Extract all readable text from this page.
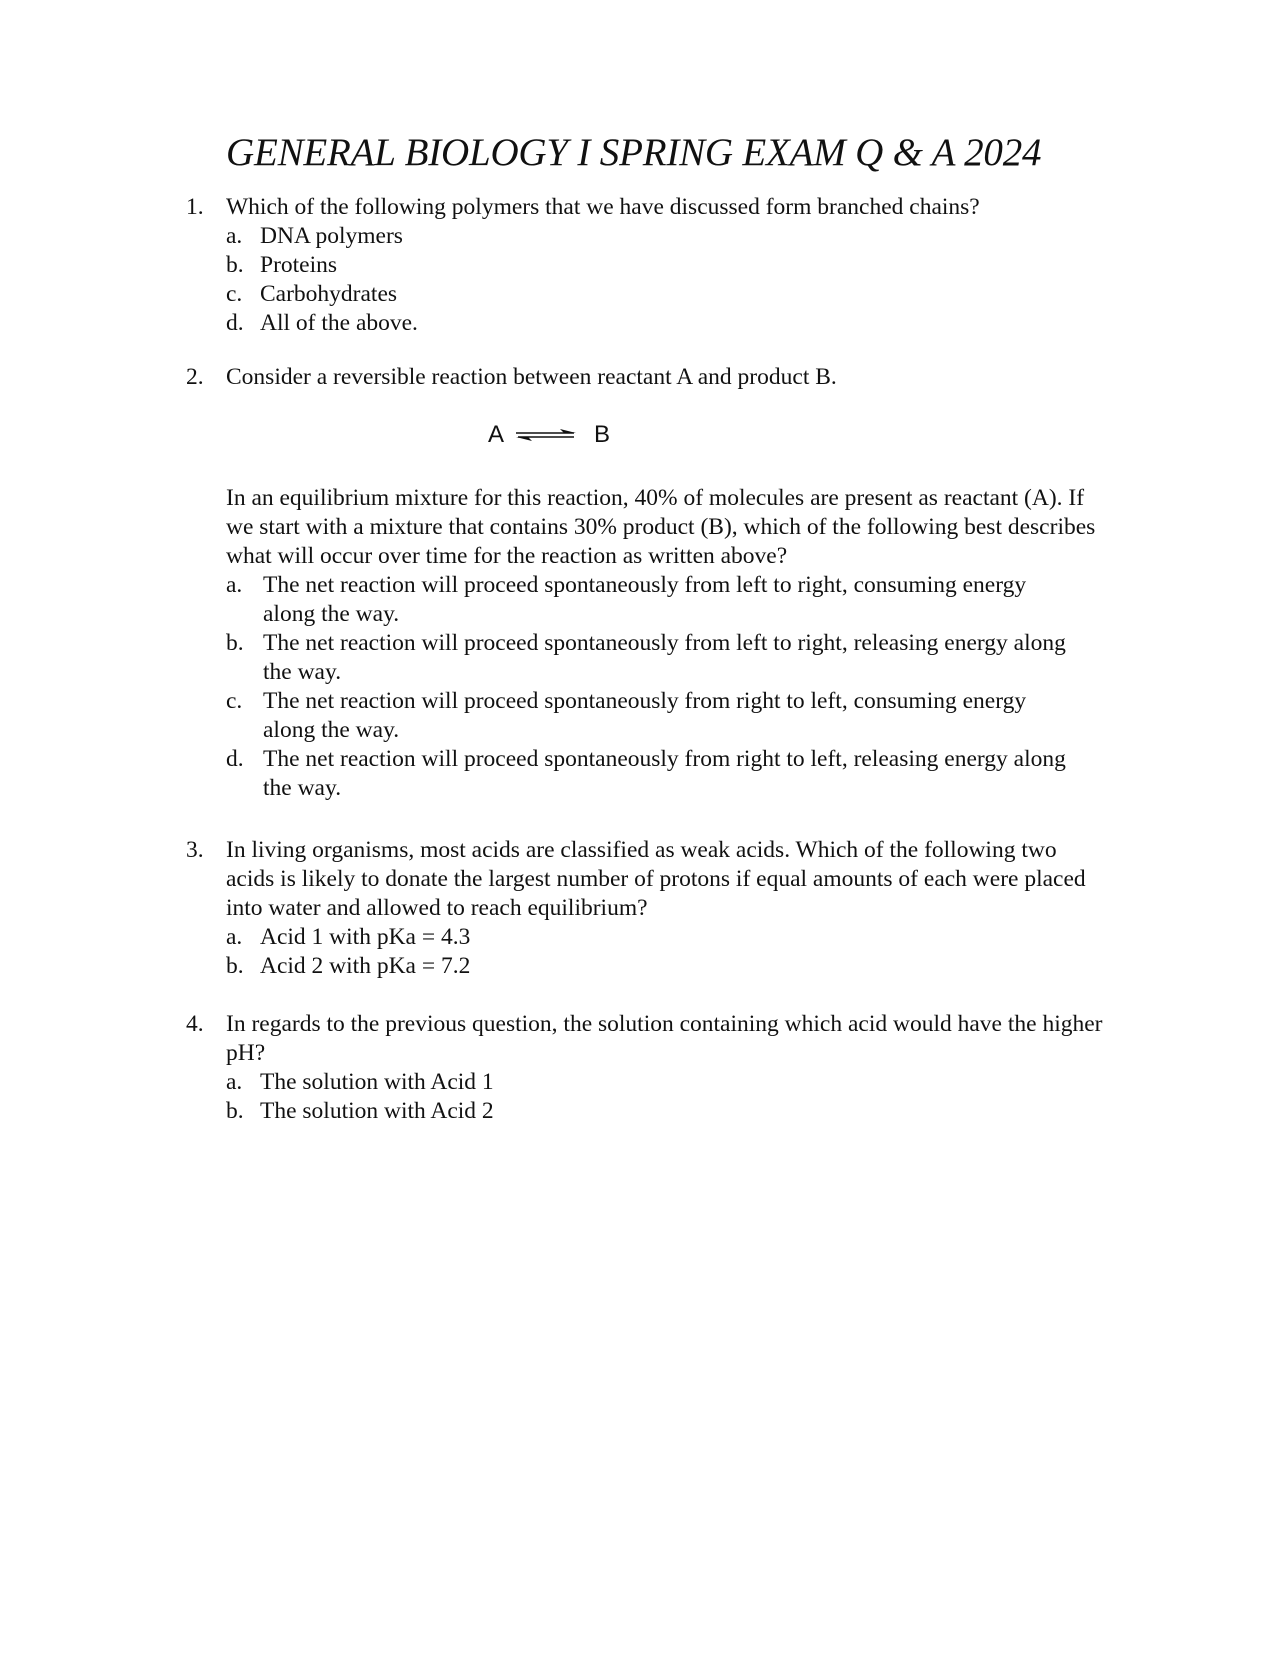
GENERAL BIOLOGY I SPRING EXAM Q & A 2024
1. Which of the following polymers that we have discussed form branched chains?
a. DNA polymers
b. Proteins
c. Carbohydrates
d. All of the above.
2. Consider a reversible reaction between reactant A and product B.
A ⇌ B
In an equilibrium mixture for this reaction, 40% of molecules are present as reactant (A). If we start with a mixture that contains 30% product (B), which of the following best describes what will occur over time for the reaction as written above?
a. The net reaction will proceed spontaneously from left to right, consuming energy along the way.
b. The net reaction will proceed spontaneously from left to right, releasing energy along the way.
c. The net reaction will proceed spontaneously from right to left, consuming energy along the way.
d. The net reaction will proceed spontaneously from right to left, releasing energy along the way.
3. In living organisms, most acids are classified as weak acids. Which of the following two acids is likely to donate the largest number of protons if equal amounts of each were placed into water and allowed to reach equilibrium?
a. Acid 1 with pKa = 4.3
b. Acid 2 with pKa = 7.2
4. In regards to the previous question, the solution containing which acid would have the higher pH?
a. The solution with Acid 1
b. The solution with Acid 2
